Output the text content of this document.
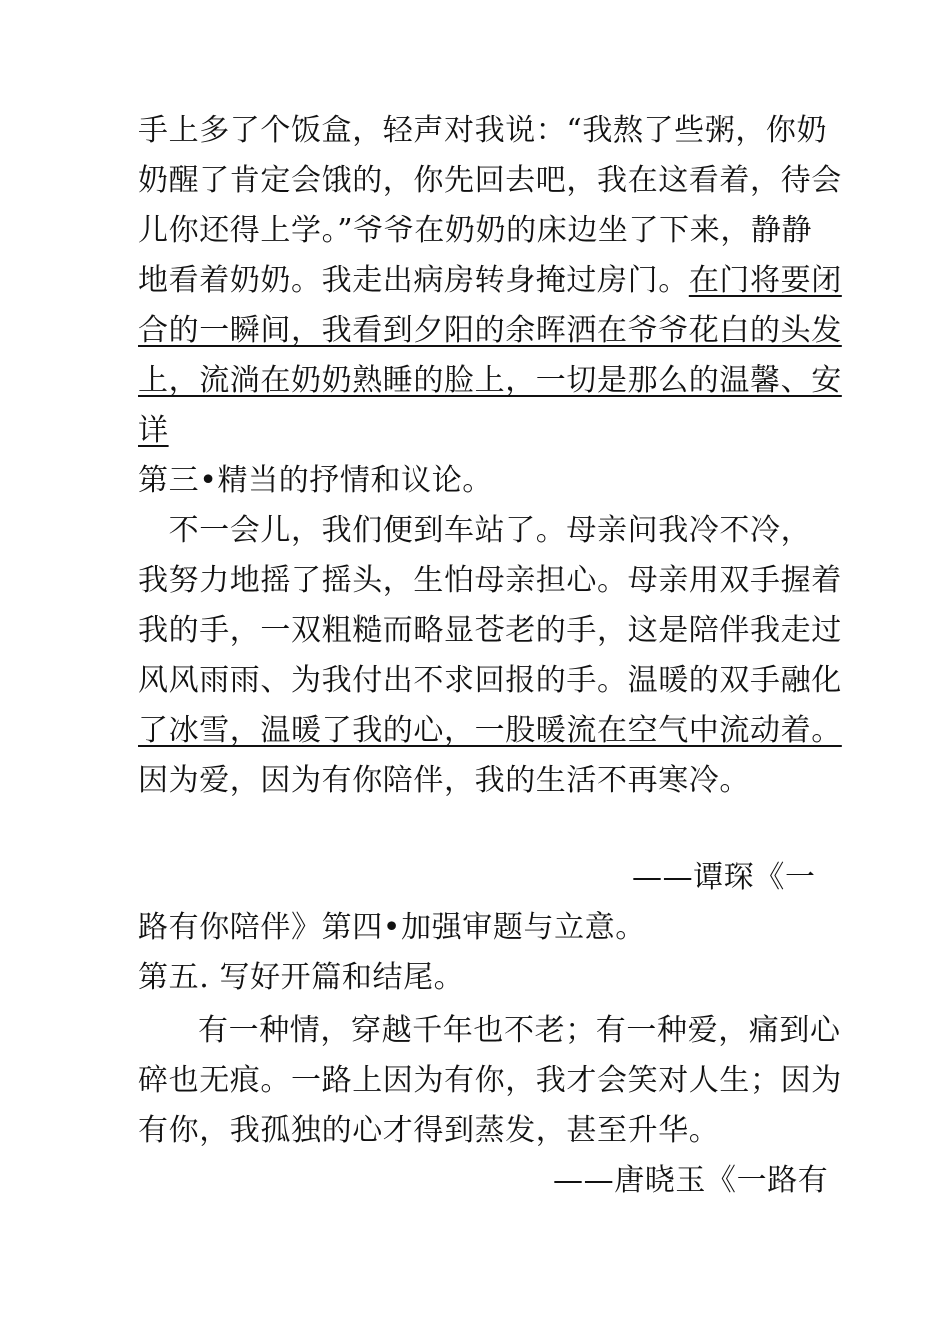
手上多了个饭盒，轻声对我说：“我熬了些粥，你奶
奶醒了肯定会饿的，你先回去吧，我在这看着，待会
儿你还得上学。”爷爷在奶奶的床边坐了下来，静静
地看着奶奶。我走出病房转身掩过房门。在门将要闭
合的一瞬间，我看到夕阳的余晖洒在爷爷花白的头发
上，流淌在奶奶熟睡的脸上，一切是那么的温馨、安
详
第三•精当的抒情和议论。
　不一会儿，我们便到车站了。母亲问我冷不冷，
我努力地摇了摇头，生怕母亲担心。母亲用双手握着
我的手，一双粗糙而略显苍老的手，这是陪伴我走过
风风雨雨、为我付出不求回报的手。温暖的双手融化
了冰雪，温暖了我的心，一股暖流在空气中流动着。
因为爱，因为有你陪伴，我的生活不再寒冷。
——谭琛《一
路有你陪伴》第四•加强审题与立意。
第五. 写好开篇和结尾。
有一种情，穿越千年也不老；有一种爱，痛到心
碎也无痕。一路上因为有你，我才会笑对人生；因为
有你，我孤独的心才得到蒸发，甚至升华。
——唐晓玉《一路有
